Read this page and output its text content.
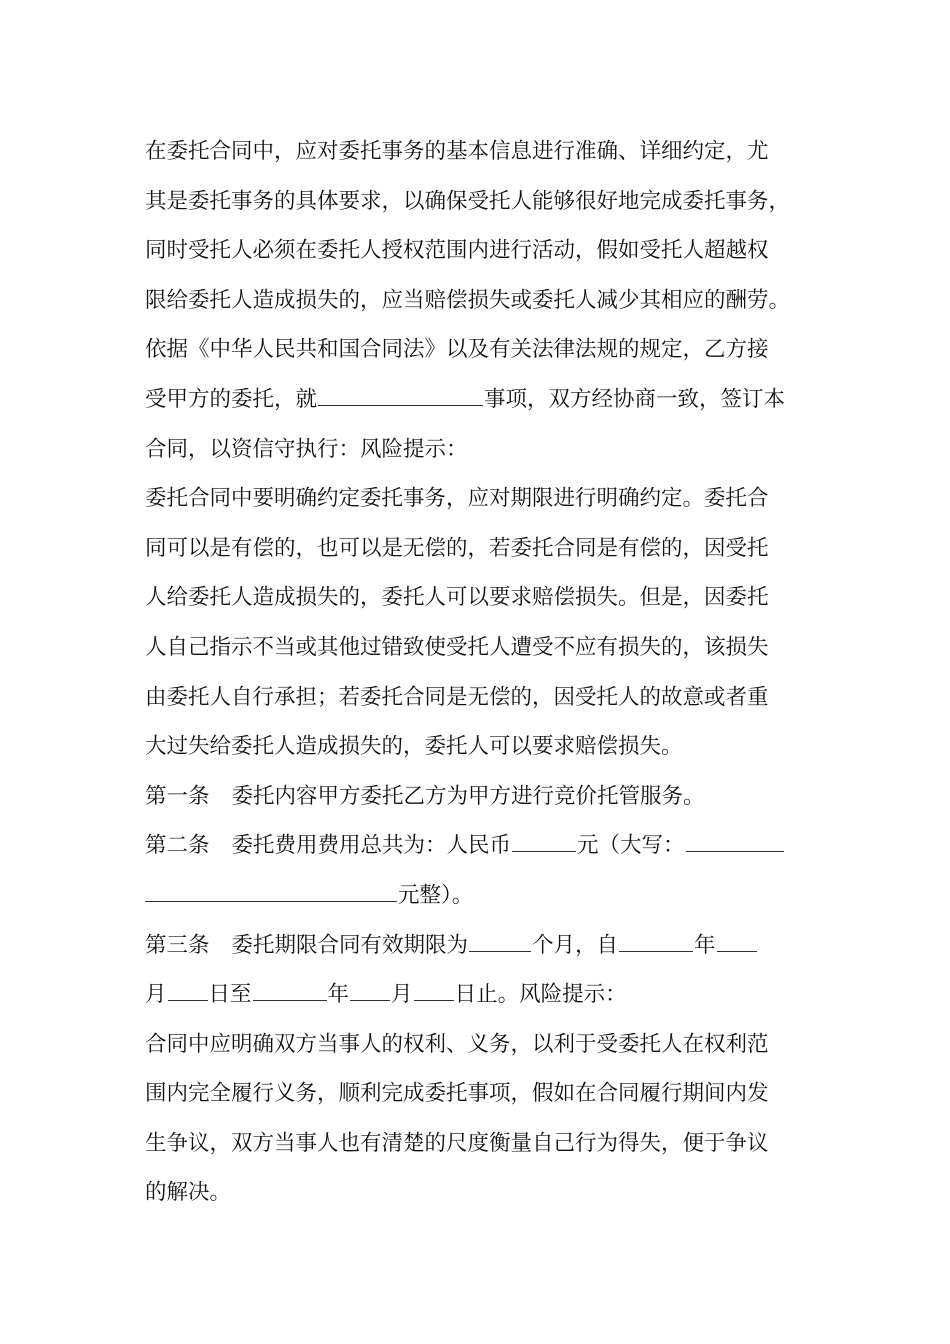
在委托合同中，应对委托事务的基本信息进行准确、详细约定，尤
其是委托事务的具体要求，以确保受托人能够很好地完成委托事务，
同时受托人必须在委托人授权范围内进行活动，假如受托人超越权
限给委托人造成损失的，应当赔偿损失或委托人减少其相应的酬劳。
依据《中华人民共和国合同法》以及有关法律法规的规定，乙方接
受甲方的委托，就	事项，双方经协商一致，签订本
合同，以资信守执行：风险提示：
委托合同中要明确约定委托事务，应对期限进行明确约定。委托合
同可以是有偿的，也可以是无偿的，若委托合同是有偿的，因受托
人给委托人造成损失的，委托人可以要求赔偿损失。但是，因委托
人自己指示不当或其他过错致使受托人遭受不应有损失的，该损失
由委托人自行承担；若委托合同是无偿的，因受托人的故意或者重
大过失给委托人造成损失的，委托人可以要求赔偿损失。
第一条 委托内容甲方委托乙方为甲方进行竞价托管服务。
第二条 委托费用费用总共为：人民币	元（大写：
元整）。
第三条 委托期限合同有效期限为	个月，自	年
月 日至	年 月 日止。风险提示：
合同中应明确双方当事人的权利、义务，以利于受委托人在权利范
围内完全履行义务，顺利完成委托事项，假如在合同履行期间内发
生争议，双方当事人也有清楚的尺度衡量自己行为得失，便于争议
的解决。
